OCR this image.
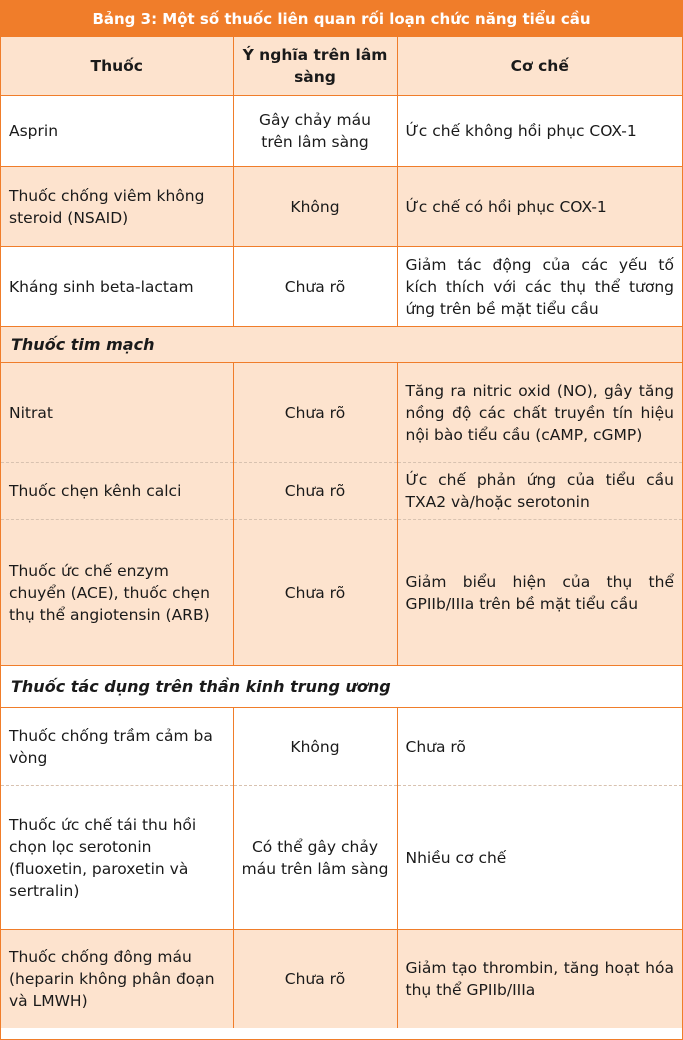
Bảng 3: Một số thuốc liên quan rối loạn chức năng tiểu cầu
Thuốc	Ý nghĩa trên lâm sàng	Cơ chế
Asprin	Gây chảy máu trên lâm sàng	Ức chế không hồi phục COX-1
Thuốc chống viêm không steroid (NSAID)	Không	Ức chế có hồi phục COX-1
Kháng sinh beta-lactam	Chưa rõ	Giảm tác động của các yếu tố kích thích với các thụ thể tương ứng trên bề mặt tiểu cầu
Thuốc tim mạch		
Nitrat	Chưa rõ	Tăng ra nitric oxid (NO), gây tăng nồng độ các chất truyền tín hiệu nội bào tiểu cầu (cAMP, cGMP)
Thuốc chẹn kênh calci	Chưa rõ	Ức chế phản ứng của tiểu cầu TXA2 và/hoặc serotonin
Thuốc ức chế enzym chuyển (ACE), thuốc chẹn thụ thể angiotensin (ARB)	Chưa rõ	Giảm biểu hiện của thụ thể GPIIb/IIIa trên bề mặt tiểu cầu
Thuốc tác dụng trên thần kinh trung ương		
Thuốc chống trầm cảm ba vòng	Không	Chưa rõ
Thuốc ức chế tái thu hồi chọn lọc serotonin (fluoxetin, paroxetin và sertralin)	Có thể gây chảy máu trên lâm sàng	Nhiều cơ chế
Thuốc chống đông máu (heparin không phân đoạn và LMWH)	Chưa rõ	Giảm tạo thrombin, tăng hoạt hóa thụ thể GPIIb/IIIa
